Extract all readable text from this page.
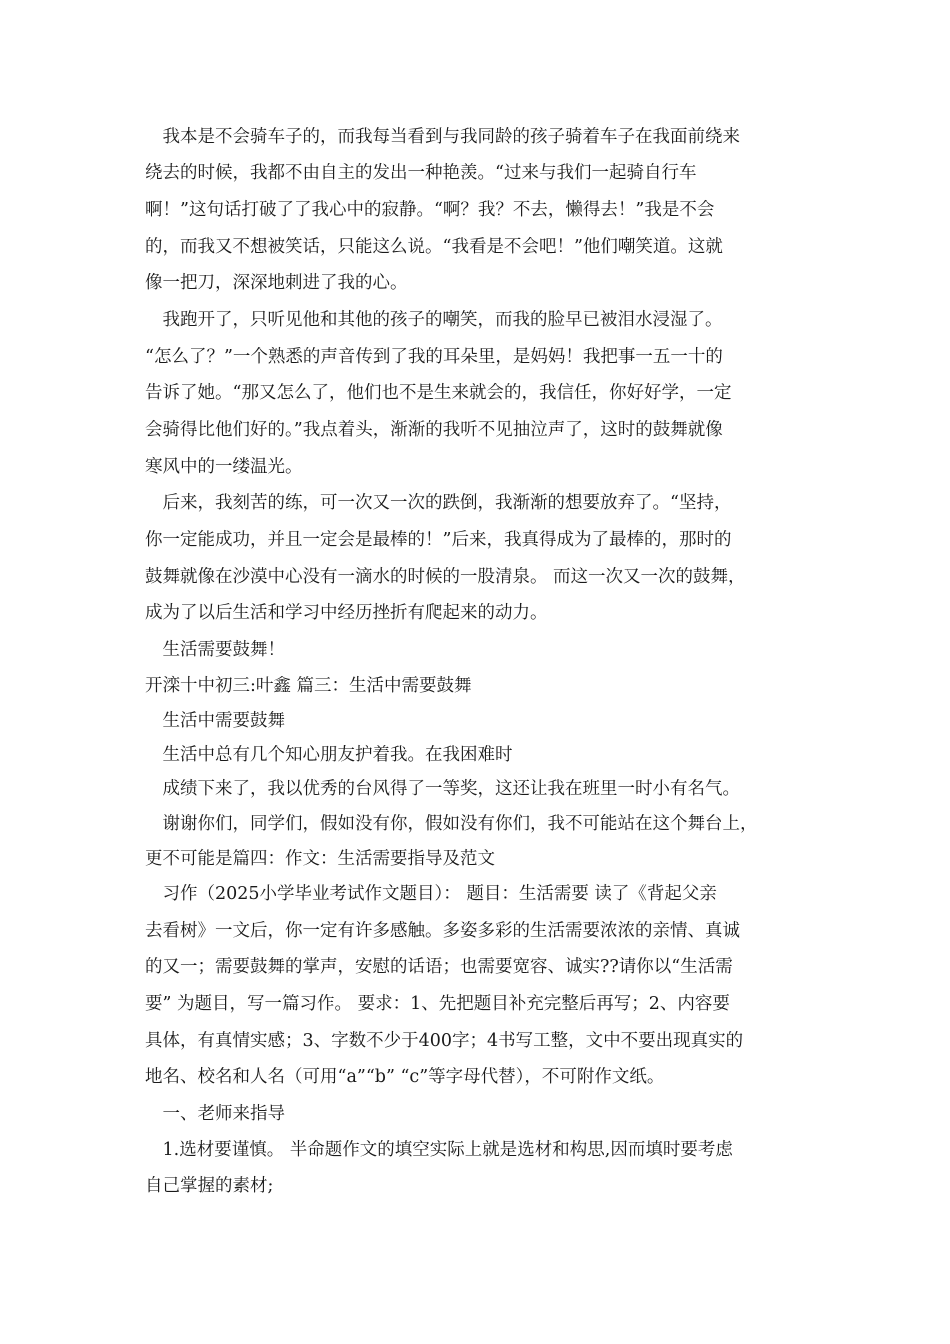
　我本是不会骑车子的，而我每当看到与我同龄的孩子骑着车子在我面前绕来
绕去的时候，我都不由自主的发出一种艳羡。“过来与我们一起骑自行车
啊！”这句话打破了了我心中的寂静。“啊？我？不去，懒得去！”我是不会
的，而我又不想被笑话，只能这么说。“我看是不会吧！”他们嘲笑道。这就
像一把刀，深深地刺进了我的心。
　我跑开了，只听见他和其他的孩子的嘲笑，而我的脸早已被泪水浸湿了。
“怎么了？”一个熟悉的声音传到了我的耳朵里，是妈妈！我把事一五一十的
告诉了她。“那又怎么了，他们也不是生来就会的，我信任，你好好学，一定
会骑得比他们好的。”我点着头，渐渐的我听不见抽泣声了，这时的鼓舞就像
寒风中的一缕温光。
　后来，我刻苦的练，可一次又一次的跌倒，我渐渐的想要放弃了。“坚持，
你一定能成功，并且一定会是最棒的！”后来，我真得成为了最棒的，那时的
鼓舞就像在沙漠中心没有一滴水的时候的一股清泉。 而这一次又一次的鼓舞，
成为了以后生活和学习中经历挫折有爬起来的动力。
　生活需要鼓舞！
开滦十中初三:叶鑫 篇三：生活中需要鼓舞
　生活中需要鼓舞
　生活中总有几个知心朋友护着我。在我困难时
　成绩下来了，我以优秀的台风得了一等奖，这还让我在班里一时小有名气。
　谢谢你们，同学们，假如没有你，假如没有你们，我不可能站在这个舞台上，
更不可能是篇四：作文：生活需要指导及范文
　习作（2025小学毕业考试作文题目）： 题目：生活需要 读了《背起父亲
去看树》一文后，你一定有许多感触。多姿多彩的生活需要浓浓的亲情、真诚
的又一；需要鼓舞的掌声，安慰的话语；也需要宽容、诚实??请你以“生活需
要” 为题目，写一篇习作。 要求：1、先把题目补充完整后再写；2、内容要
具体，有真情实感；3、字数不少于400字；4书写工整，文中不要出现真实的
地名、校名和人名（可用“a”“b” “c”等字母代替），不可附作文纸。
　一、老师来指导
　1.选材要谨慎。 半命题作文的填空实际上就是选材和构思,因而填时要考虑
自己掌握的素材;
